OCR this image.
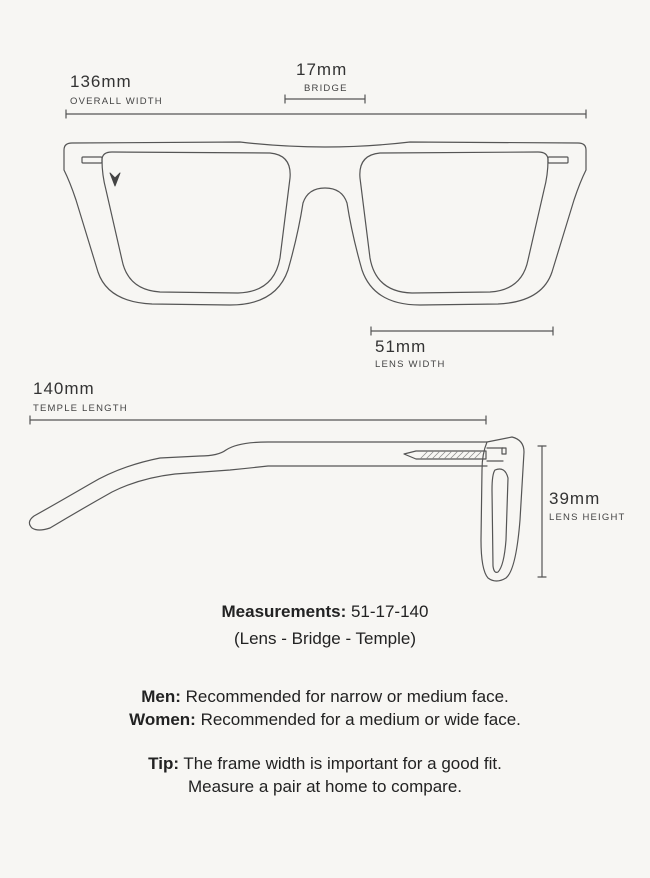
136mm
OVERALL WIDTH
17mm
BRIDGE
51mm
LENS WIDTH
140mm
TEMPLE LENGTH
39mm
LENS HEIGHT
Measurements: 51-17-140
(Lens - Bridge - Temple)
Men: Recommended for narrow or medium face.
Women: Recommended for a medium or wide face.
Tip: The frame width is important for a good fit.
Measure a pair at home to compare.
